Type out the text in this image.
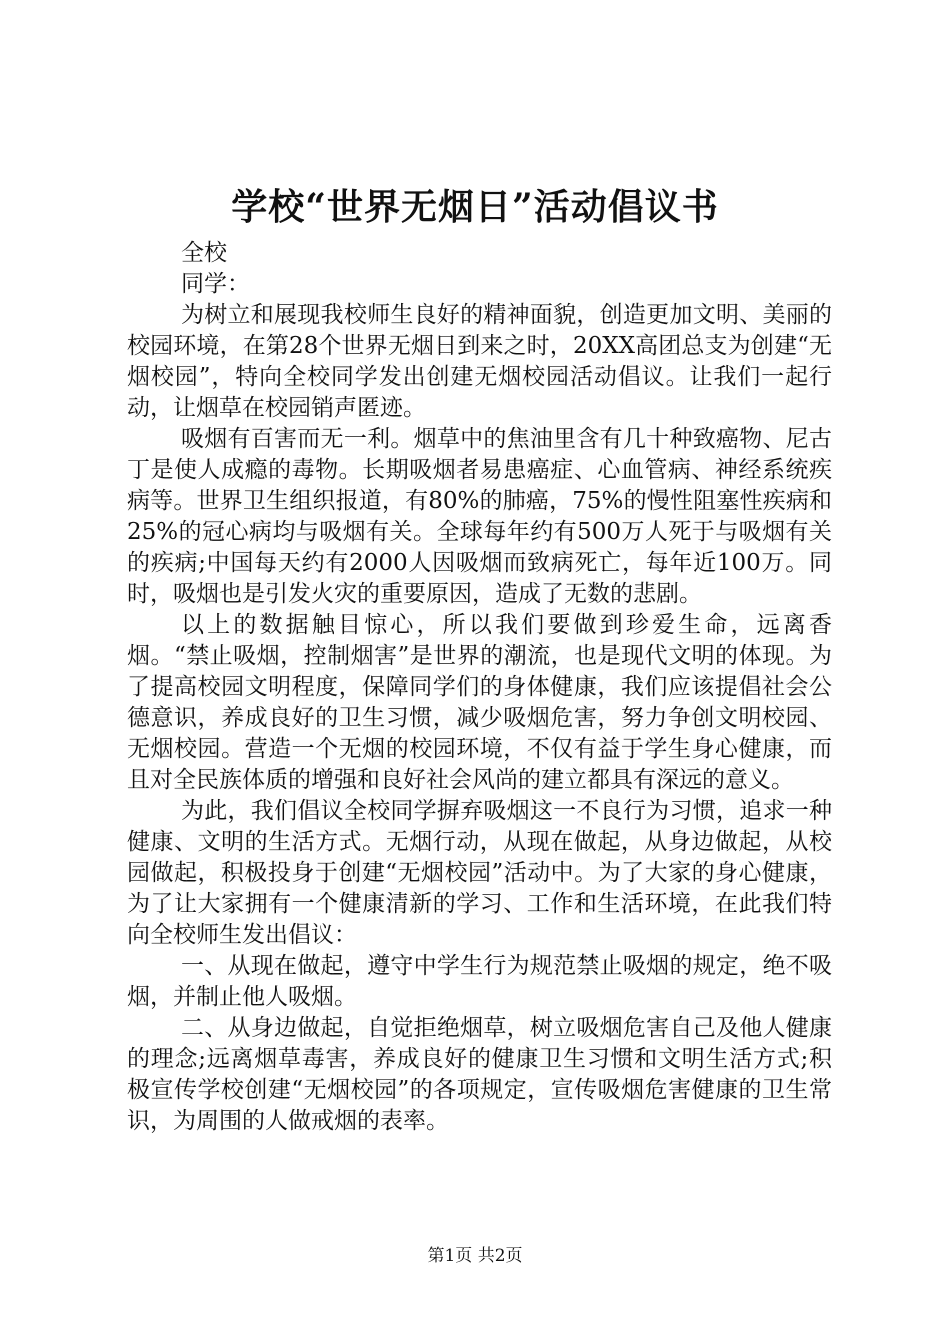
学校“世界无烟日”活动倡议书

全校

同学：

为树立和展现我校师生良好的精神面貌，创造更加文明、美丽的校园环境，在第28个世界无烟日到来之时，20XX高团总支为创建“无烟校园”，特向全校同学发出创建无烟校园活动倡议。让我们一起行动，让烟草在校园销声匿迹。

吸烟有百害而无一利。烟草中的焦油里含有几十种致癌物、尼古丁是使人成瘾的毒物。长期吸烟者易患癌症、心血管病、神经系统疾病等。世界卫生组织报道，有80%的肺癌，75%的慢性阻塞性疾病和25%的冠心病均与吸烟有关。全球每年约有500万人死于与吸烟有关的疾病;中国每天约有2000人因吸烟而致病死亡，每年近100万。同时，吸烟也是引发火灾的重要原因，造成了无数的悲剧。

以上的数据触目惊心，所以我们要做到珍爱生命，远离香烟。“禁止吸烟，控制烟害”是世界的潮流，也是现代文明的体现。为了提高校园文明程度，保障同学们的身体健康，我们应该提倡社会公德意识，养成良好的卫生习惯，减少吸烟危害，努力争创文明校园、无烟校园。营造一个无烟的校园环境，不仅有益于学生身心健康，而且对全民族体质的增强和良好社会风尚的建立都具有深远的意义。

为此，我们倡议全校同学摒弃吸烟这一不良行为习惯，追求一种健康、文明的生活方式。无烟行动，从现在做起，从身边做起，从校园做起，积极投身于创建“无烟校园”活动中。为了大家的身心健康，为了让大家拥有一个健康清新的学习、工作和生活环境，在此我们特向全校师生发出倡议：

一、从现在做起，遵守中学生行为规范禁止吸烟的规定，绝不吸烟，并制止他人吸烟。

二、从身边做起，自觉拒绝烟草，树立吸烟危害自己及他人健康的理念;远离烟草毒害，养成良好的健康卫生习惯和文明生活方式;积极宣传学校创建“无烟校园”的各项规定，宣传吸烟危害健康的卫生常识，为周围的人做戒烟的表率。

第1页 共2页
